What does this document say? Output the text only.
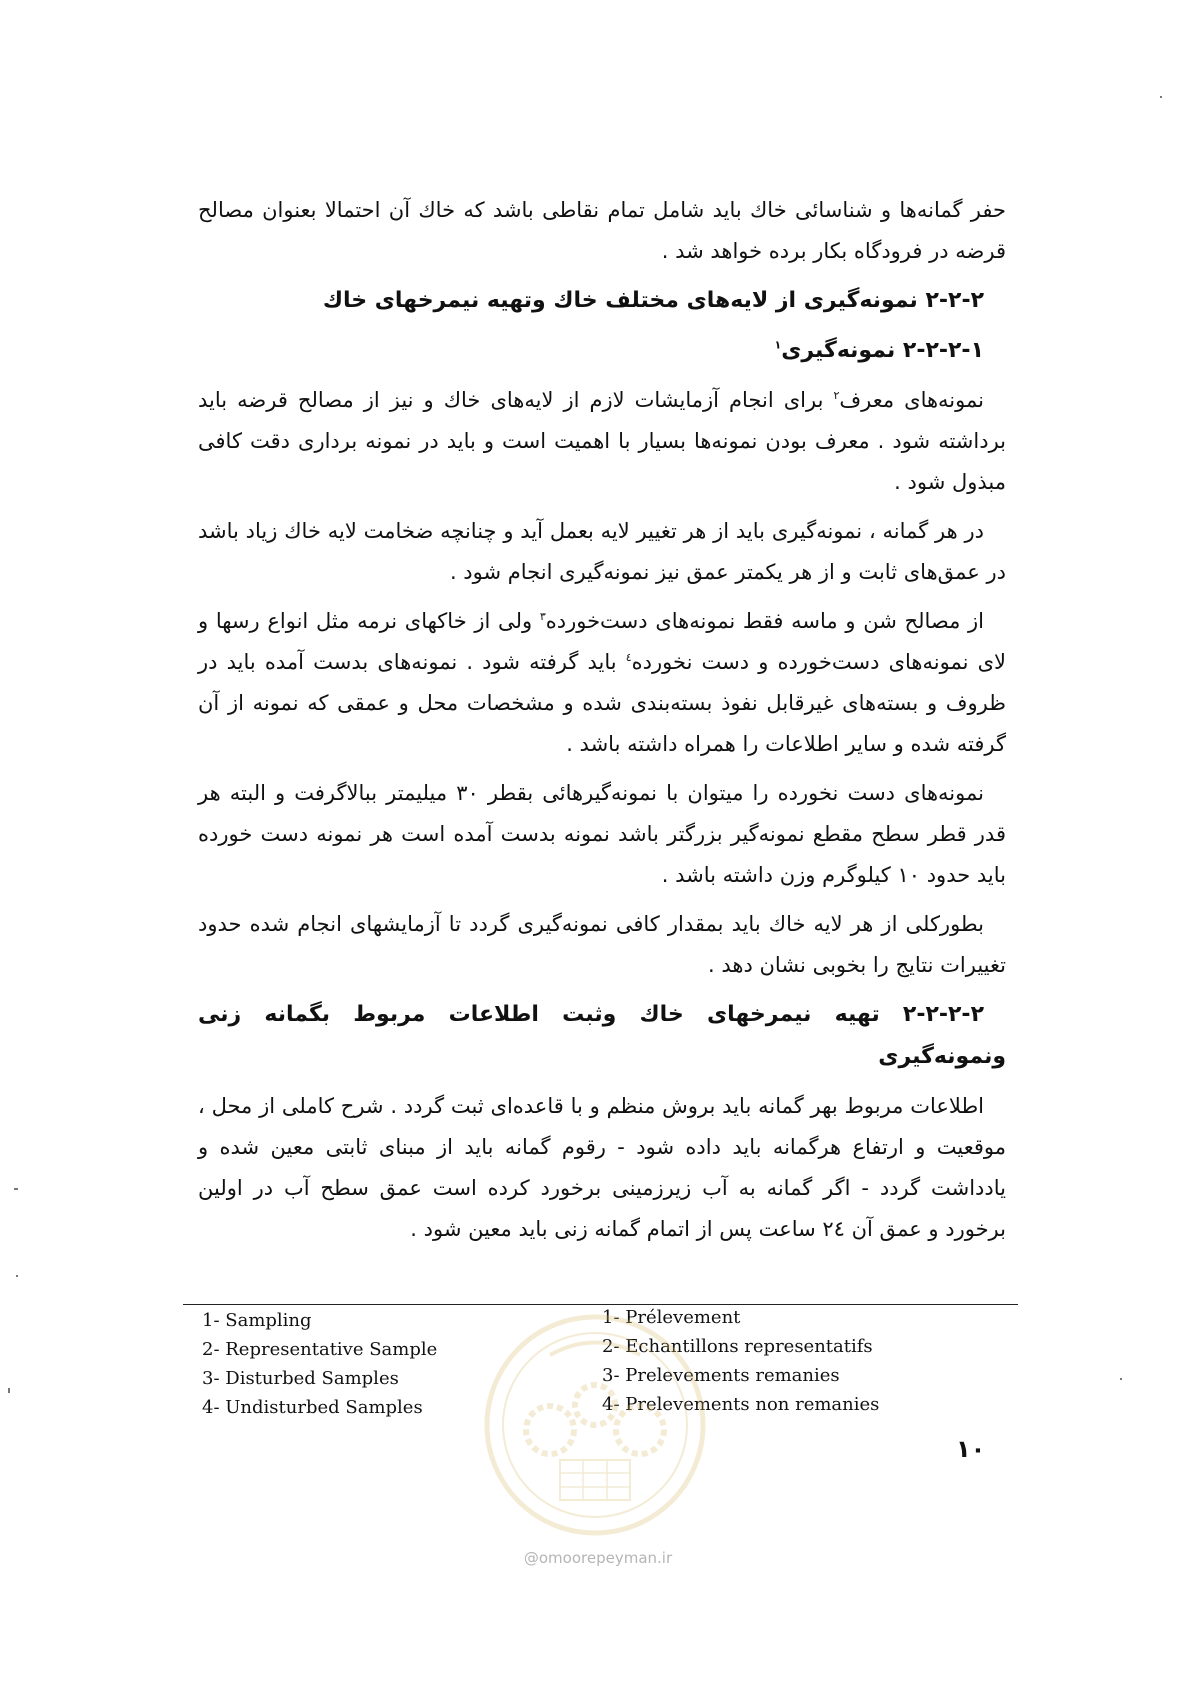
حفر گمانه‌ها و شناسائی خاك باید شامل تمام نقاطی باشد که خاك آن احتمالا بعنوان مصالح قرضه در فرودگاه بکار برده خواهد شد .

۲-۲-۲ نمونه‌گیری از لایه‌های مختلف خاك وتهیه نیمرخهای خاك

۲-۲-۲-۱ نمونه‌گیری$^۱$

نمونه‌های معرف$^۲$ برای انجام آزمایشات لازم از لایه‌های خاك و نیز از مصالح قرضه باید برداشته شود . معرف بودن نمونه‌ها بسیار با اهمیت است و باید در نمونه برداری دقت کافی مبذول شود .

در هر گمانه ، نمونه‌گیری باید از هر تغییر لایه بعمل آید و چنانچه ضخامت لایه خاك زیاد باشد در عمق‌های ثابت و از هر یکمتر عمق نیز نمونه‌گیری انجام شود .

از مصالح شن و ماسه فقط نمونه‌های دست‌خورده$^۳$ ولی از خاکهای نرمه مثل انواع رسها و لای نمونه‌های دست‌خورده و دست نخورده$^٤$ باید گرفته شود . نمونه‌های بدست آمده باید در ظروف و بسته‌های غیرقابل نفوذ بسته‌بندی شده و مشخصات محل و عمقی که نمونه از آن گرفته شده و سایر اطلاعات را همراه داشته باشد .

نمونه‌های دست نخورده را میتوان با نمونه‌گیرهائی بقطر ۳۰ میلیمتر ببالاگرفت و البته هر قدر قطر سطح مقطع نمونه‌گیر بزرگتر باشد نمونه بدست آمده است هر نمونه دست خورده باید حدود ۱۰ کیلوگرم وزن داشته باشد .

بطورکلی از هر لایه خاك باید بمقدار کافی نمونه‌گیری گردد تا آزمایشهای انجام شده حدود تغییرات نتایج را بخوبی نشان دهد .

۲-۲-۲-۲ تهیه نیمرخهای خاك وثبت اطلاعات مربوط بگمانه زنی ونمونه‌گیری

اطلاعات مربوط بهر گمانه باید بروش منظم و با قاعده‌ای ثبت گردد . شرح کاملی از محل ، موقعیت و ارتفاع هرگمانه باید داده شود - رقوم گمانه باید از مبنای ثابتی معین شده و یادداشت گردد - اگر گمانه به آب زیرزمینی برخورد کرده است عمق سطح آب در اولین برخورد و عمق آن ۲٤ ساعت پس از اتمام گمانه زنی باید معین شود .

1- Sampling
2- Representative Sample
3- Disturbed Samples
4- Undisturbed Samples
1- Prélevement
2- Echantillons representatifs
3- Prelevements remanies
4- Prelevements non remanies
۱۰
@omoorepeyman.ir
